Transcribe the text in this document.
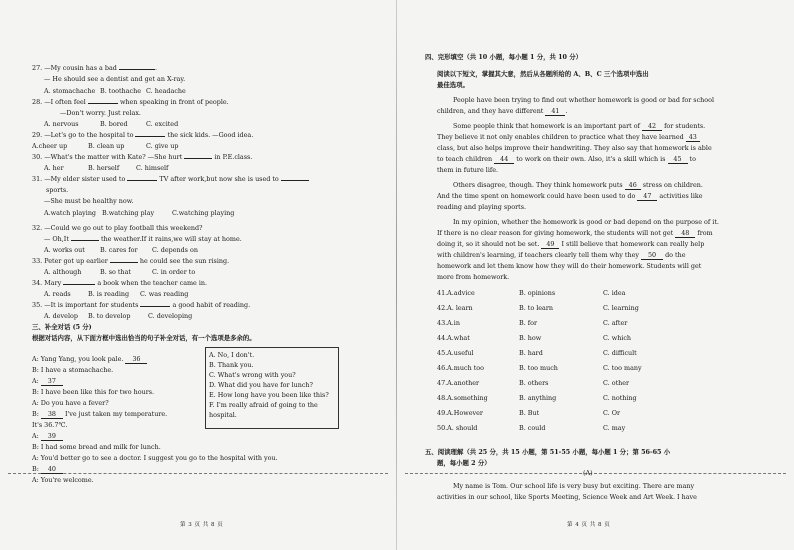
27. —My cousin has a bad	.
— He should see a dentist and get an X-ray.
A. stomachache B. toothache C. headache
28. —I often feel	when speaking in front of people.
—Don't worry. Just relax.
A. nervous	B. bored	C. excited
29. —Let's go to the hospital to	the sick kids. —Good idea.
A.cheer up	B. clean up	C. give up
30. —What's the matter with Kate? —She hurt	in P.E.class.
A. her	B. herself	C. himself
31. —My elder sister used to	TV after work,but now she is used to
sports.
—She must be healthy now.
A.watch playing B.watching play	C.watching playing
32. —Could we go out to play football this weekend?
— Oh,It	the weather.If it rains,we will stay at home.
A. works out B. cares for C. depends on
33. Peter got up earlier	he could see the sun rising.
A. although	B. so that	C. in order to
34. Mary	a book when the teacher came in.
A. reads	B. is reading C. was reading
35. —It is important for students	a good habit of reading.
A. develop B. to develop	C. developing
三、补全对话 (5 分)
根据对话内容，从下面方框中选出恰当的句子补全对话，有一个选项是多余的。
A: Yang Yang, you look pale. 36
B: I have a stomachache.
A: 37
B: I have been like this for two hours.
A: Do you have a fever?
B: 38 I've just taken my temperature.
It's 36.7℃.
A: 39
B: I had some bread and milk for lunch.
A: You'd better go to see a doctor. I suggest you go to the hospital with you.
B: 40
A: You're welcome.
A. No, I don't.
B. Thank you.
C. What's wrong with you?
D. What did you have for lunch?
E. How long have you been like this?
F. I'm really afraid of going to the
hospital.
第 3 页 共 8 页
四、完形填空（共 10 小题，每小题 1 分，共 10 分）
阅读以下短文，掌握其大意，然后从各题所给的 A、B、C 三个选项中选出
最佳选项。
People have been trying to find out whether homework is good or bad for school
children, and they have different 41 .
Some people think that homework is an important part of 42 for students.
They believe it not only enables children to practice what they have learned 43
class, but also helps improve their handwriting. They also say that homework is able
to teach children 44 to work on their own. Also, it's a skill which is 45 to
them in future life.
Others disagree, though. They think homework puts 46 stress on children.
And the time spent on homework could have been used to do 47 activities like
reading and playing sports.
In my opinion, whether the homework is good or bad depend on the purpose of it.
If there is no clear reason for giving homework, the students will not get 48 from
doing it, so it should not be set. 49 I still believe that homework can really help
with children's learning, if teachers clearly tell them why they 50 do the
homework and let them know how they will do their homework. Students will get
more from homework.
41.A.advice	B. opinions	C. idea
42.A. learn	B. to learn	C. learning
43.A.in	B. for	C. after
44.A.what	B. how	C. which
45.A.useful	B. hard	C. difficult
46.A.much too	B. too much	C. too many
47.A.another	B. others	C. other
48.A.something	B. anything	C. nothing
49.A.However	B. But	C. Or
50.A. should	B. could	C. may
五、阅读理解（共 25 分，共 15 小题，第 51-55 小题，每小题 1 分；第 56-65 小
题，每小题 2 分）
(A)
My name is Tom. Our school life is very busy but exciting. There are many
activities in our school, like Sports Meeting, Science Week and Art Week. I have
第 4 页 共 8 页
